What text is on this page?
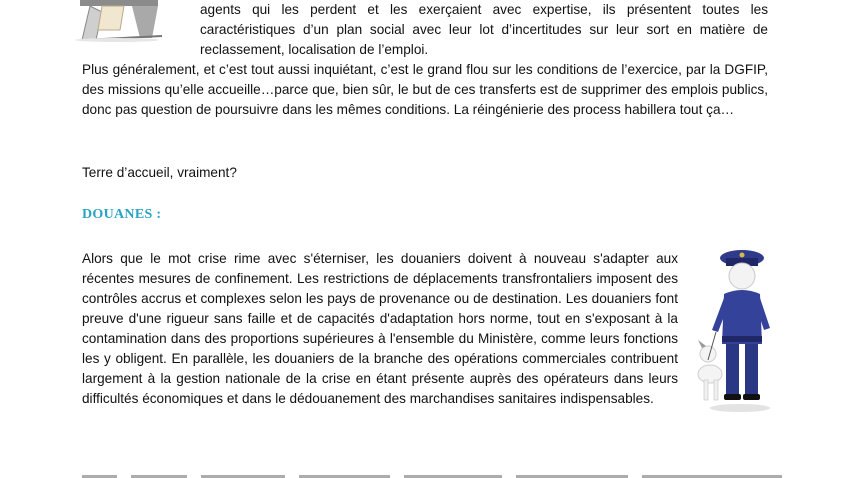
agents qui les perdent et les exerçaient avec expertise, ils présentent toutes les caractéristiques d’un plan social avec leur lot d’incertitudes sur leur sort en matière de reclassement, localisation de l’emploi.

Plus généralement, et c’est tout aussi inquiétant, c’est le grand flou sur les conditions de l’exercice, par la DGFIP, des missions qu’elle accueille…parce que, bien sûr, le but de ces transferts est de supprimer des emplois publics, donc pas question de poursuivre dans les mêmes conditions. La réingénierie des process habillera tout ça…

Terre d’accueil, vraiment?

DOUANES :

Alors que le mot crise rime avec s'éterniser, les douaniers doivent à nouveau s'adapter aux récentes mesures de confinement. Les restrictions de déplacements transfrontaliers imposent des contrôles accrus et complexes selon les pays de provenance ou de destination. Les douaniers font preuve d'une rigueur sans faille et de capacités d'adaptation hors norme, tout en s'exposant à la contamination dans des proportions supérieures à l'ensemble du Ministère, comme leurs fonctions les y obligent. En parallèle, les douaniers de la branche des opérations commerciales contribuent largement à la gestion nationale de la crise en étant présente auprès des opérateurs dans leurs difficultés économiques et dans le dédouanement des marchandises sanitaires indispensables.
